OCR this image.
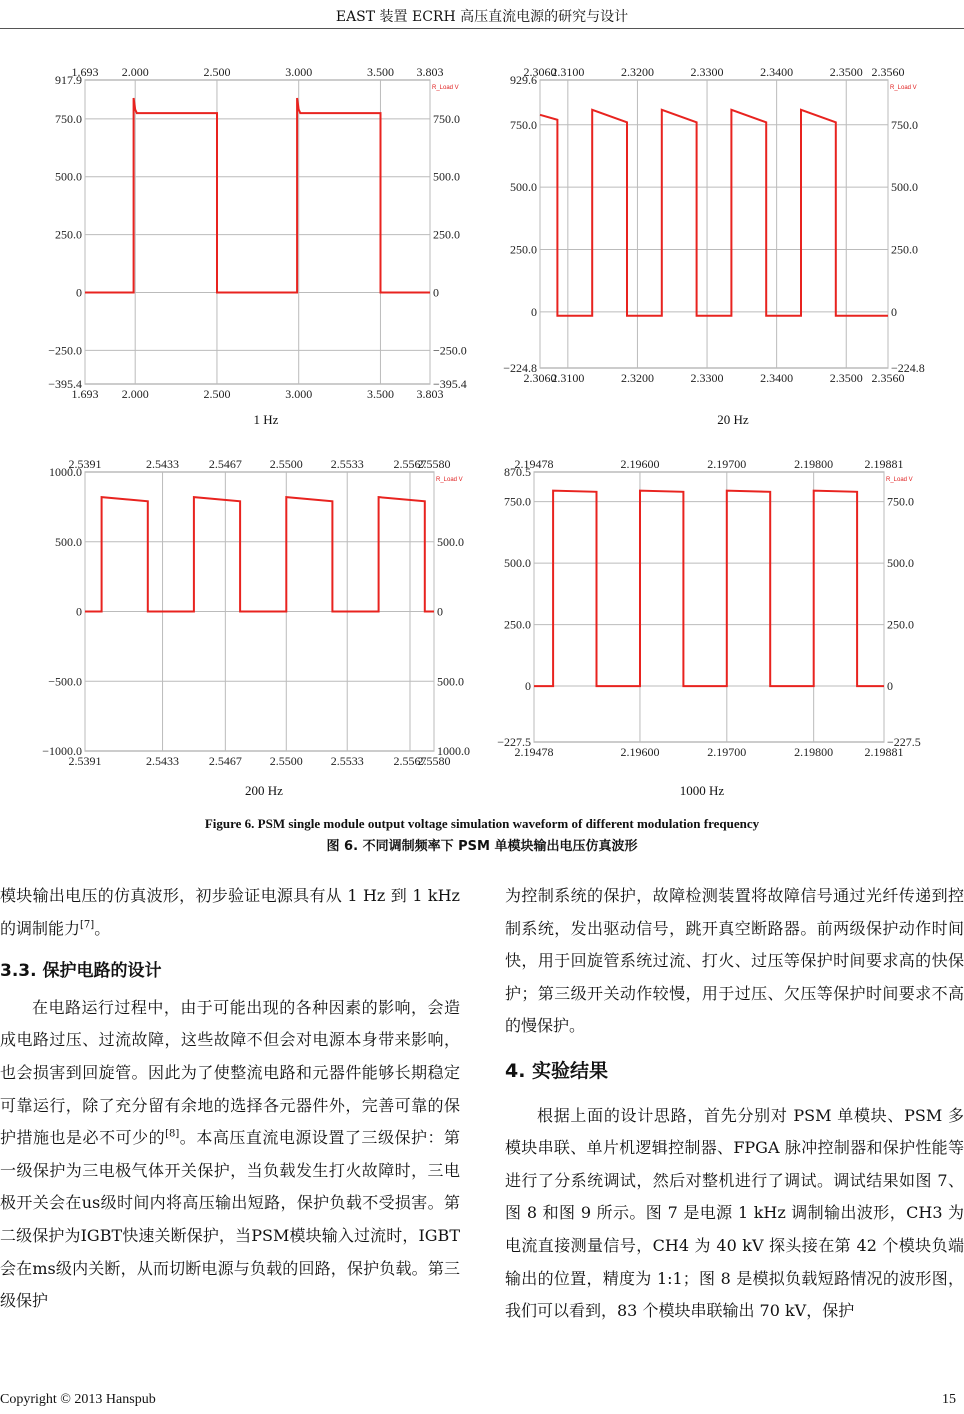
EAST 装置 ECRH 高压直流电源的研究与设计
1.693
1.693
2.000
2.000
2.500
2.500
3.000
3.000
3.500
3.500
3.803
3.803
917.9
750.0
500.0
250.0
0
−250.0
−395.4
750.0
500.0
250.0
0
−250.0
−395.4
R_Load V
1 Hz
2.3060
2.3060
2.3100
2.3100
2.3200
2.3200
2.3300
2.3300
2.3400
2.3400
2.3500
2.3500
2.3560
2.3560
929.6
750.0
500.0
250.0
0
−224.8
750.0
500.0
250.0
0
−224.8
R_Load V
20 Hz
2.5391
2.5391
2.5433
2.5433
2.5467
2.5467
2.5500
2.5500
2.5533
2.5533
2.5567
2.5567
2.5580
2.5580
1000.0
500.0
0
−500.0
−1000.0
500.0
0
500.0
1000.0
R_Load V
200 Hz
2.19478
2.19478
2.19600
2.19600
2.19700
2.19700
2.19800
2.19800
2.19881
2.19881
870.5
750.0
500.0
250.0
0
−227.5
750.0
500.0
250.0
0
−227.5
R_Load V
1000 Hz
Figure 6. PSM single module output voltage simulation waveform of different modulation frequency
图 6. 不同调制频率下 PSM 单模块输出电压仿真波形

模块输出电压的仿真波形，初步验证电源具有从 1 Hz 到 1 kHz 的调制能力[7]。

3.3. 保护电路的设计

在电路运行过程中，由于可能出现的各种因素的影响，会造成电路过压、过流故障，这些故障不但会对电源本身带来影响，也会损害到回旋管。因此为了使整流电路和元器件能够长期稳定可靠运行，除了充分留有余地的选择各元器件外，完善可靠的保护措施也是必不可少的[8]。本高压直流电源设置了三级保护：第一级保护为三电极气体开关保护，当负载发生打火故障时，三电极开关会在us级时间内将高压输出短路，保护负载不受损害。第二级保护为IGBT快速关断保护，当PSM模块输入过流时，IGBT会在ms级内关断，从而切断电源与负载的回路，保护负载。第三级保护

为控制系统的保护，故障检测装置将故障信号通过光纤传递到控制系统，发出驱动信号，跳开真空断路器。前两级保护动作时间快，用于回旋管系统过流、打火、过压等保护时间要求高的快保护；第三级开关动作较慢，用于过压、欠压等保护时间要求不高的慢保护。

4. 实验结果

根据上面的设计思路，首先分别对 PSM 单模块、PSM 多模块串联、单片机逻辑控制器、FPGA 脉冲控制器和保护性能等进行了分系统调试，然后对整机进行了调试。调试结果如图 7、图 8 和图 9 所示。图 7 是电源 1 kHz 调制输出波形，CH3 为电流直接测量信号，CH4 为 40 kV 探头接在第 42 个模块负端输出的位置，精度为 1:1；图 8 是模拟负载短路情况的波形图，我们可以看到，83 个模块串联输出 70 kV，保护

Copyright © 2013 Hanspub	15
